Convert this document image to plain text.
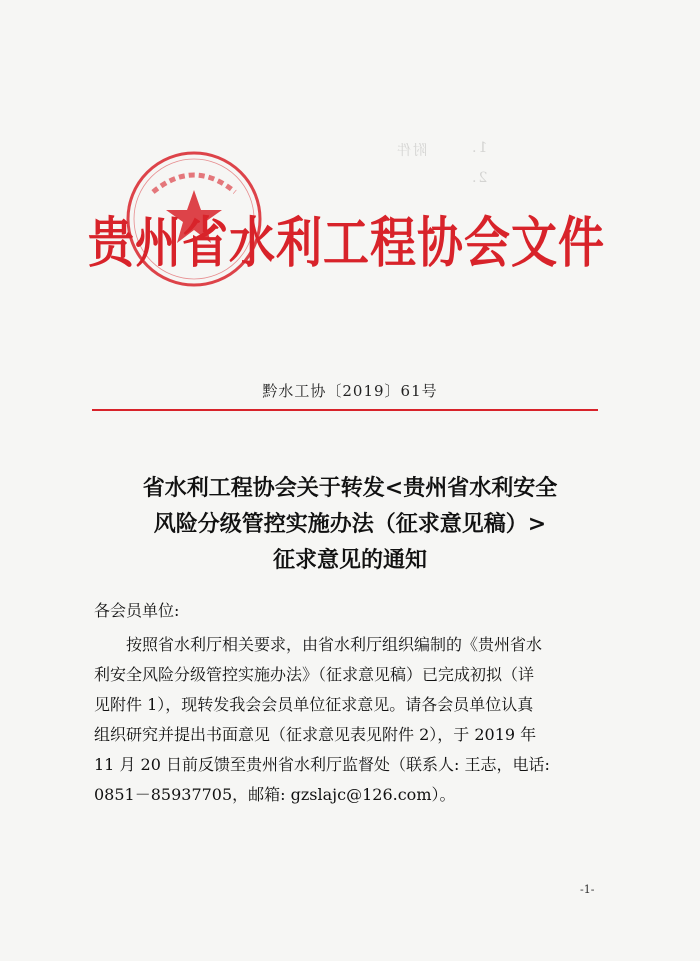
附件	1.
2.

贵州省水利工程协会文件
黔水工协〔2019〕61号
省水利工程协会关于转发<贵州省水利安全
风险分级管控实施办法（征求意见稿）>
征求意见的通知
各会员单位:
按照省水利厅相关要求，由省水利厅组织编制的《贵州省水
利安全风险分级管控实施办法》（征求意见稿）已完成初拟（详
见附件 1），现转发我会会员单位征求意见。请各会员单位认真
组织研究并提出书面意见（征求意见表见附件 2），于 2019 年
11 月 20 日前反馈至贵州省水利厅监督处（联系人: 王志，电话:
0851－85937705，邮箱: gzslajc@126.com）。
-1-
